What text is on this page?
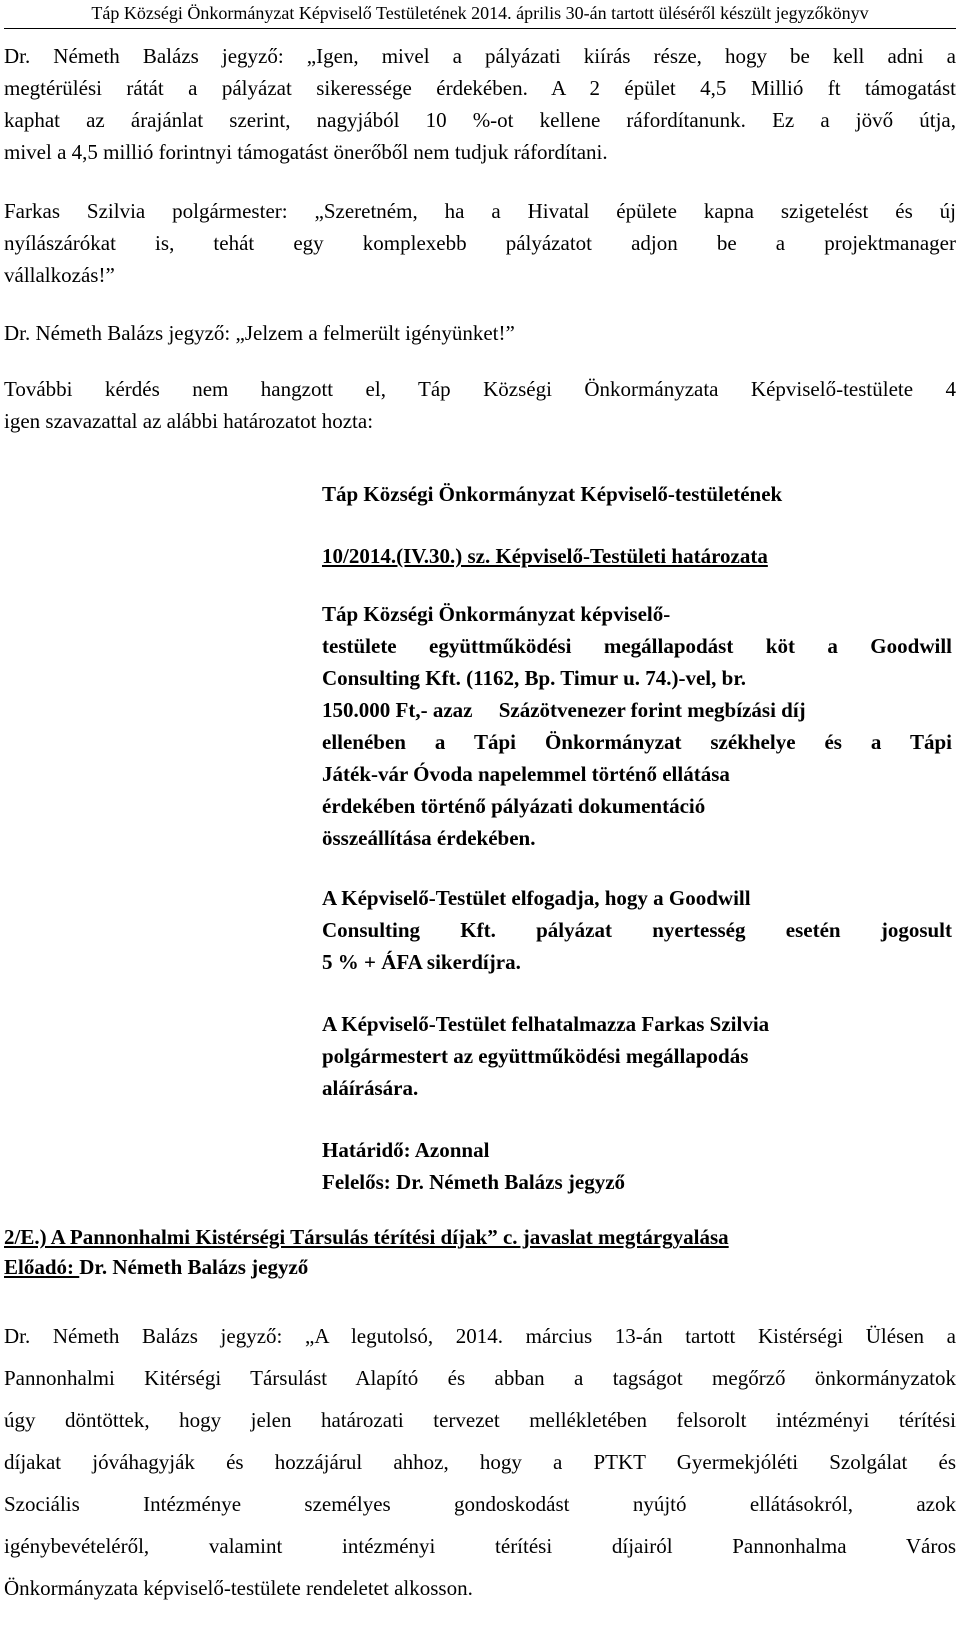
Táp Községi Önkormányzat Képviselő Testületének 2014. április 30-án tartott üléséről készült jegyzőkönyv
Dr. Németh Balázs jegyző: „Igen, mivel a pályázati kiírás része, hogy be kell adni a
megtérülési rátát a pályázat sikeressége érdekében. A 2 épület 4,5 Millió ft támogatást
kaphat az árajánlat szerint, nagyjából 10 %-ot kellene ráfordítanunk. Ez a jövő útja,
mivel a 4,5 millió forintnyi támogatást önerőből nem tudjuk ráfordítani.
Farkas Szilvia polgármester: „Szeretném, ha a Hivatal épülete kapna szigetelést és új
nyílászárókat is, tehát egy komplexebb pályázatot adjon be a projektmanager
vállalkozás!”
Dr. Németh Balázs jegyző: „Jelzem a felmerült igényünket!”
További kérdés nem hangzott el, Táp Községi Önkormányzata Képviselő-testülete 4
igen szavazattal az alábbi határozatot hozta:
Táp Községi Önkormányzat Képviselő-testületének
10/2014.(IV.30.) sz. Képviselő-Testületi határozata
Táp Községi Önkormányzat képviselő-
testülete együttműködési megállapodást köt a Goodwill
Consulting Kft. (1162, Bp. Timur u. 74.)-vel, br.
150.000 Ft,- azaz     Százötvenezer forint megbízási díj
ellenében a Tápi Önkormányzat székhelye és a Tápi
Játék-vár Óvoda napelemmel történő ellátása
érdekében történő pályázati dokumentáció
összeállítása érdekében.
A Képviselő-Testület elfogadja, hogy a Goodwill
Consulting Kft. pályázat nyertesség esetén jogosult
5 % + ÁFA sikerdíjra.
A Képviselő-Testület felhatalmazza Farkas Szilvia
polgármestert az együttműködési megállapodás
aláírására.
Határidő: Azonnal
Felelős: Dr. Németh Balázs jegyző
2/E.) A Pannonhalmi Kistérségi Társulás térítési díjak” c. javaslat megtárgyalása
Előadó: Dr. Németh Balázs jegyző
Dr. Németh Balázs jegyző: „A legutolsó, 2014. március 13-án tartott Kistérségi Ülésen a
Pannonhalmi Kitérségi Társulást Alapító és abban a tagságot megőrző önkormányzatok
úgy döntöttek, hogy jelen határozati tervezet mellékletében felsorolt intézményi térítési
díjakat jóváhagyják és hozzájárul ahhoz, hogy a PTKT Gyermekjóléti Szolgálat és
Szociális Intézménye személyes gondoskodást nyújtó ellátásokról, azok
igénybevételéről, valamint intézményi térítési díjairól Pannonhalma Város
Önkormányzata képviselő-testülete rendeletet alkosson.
